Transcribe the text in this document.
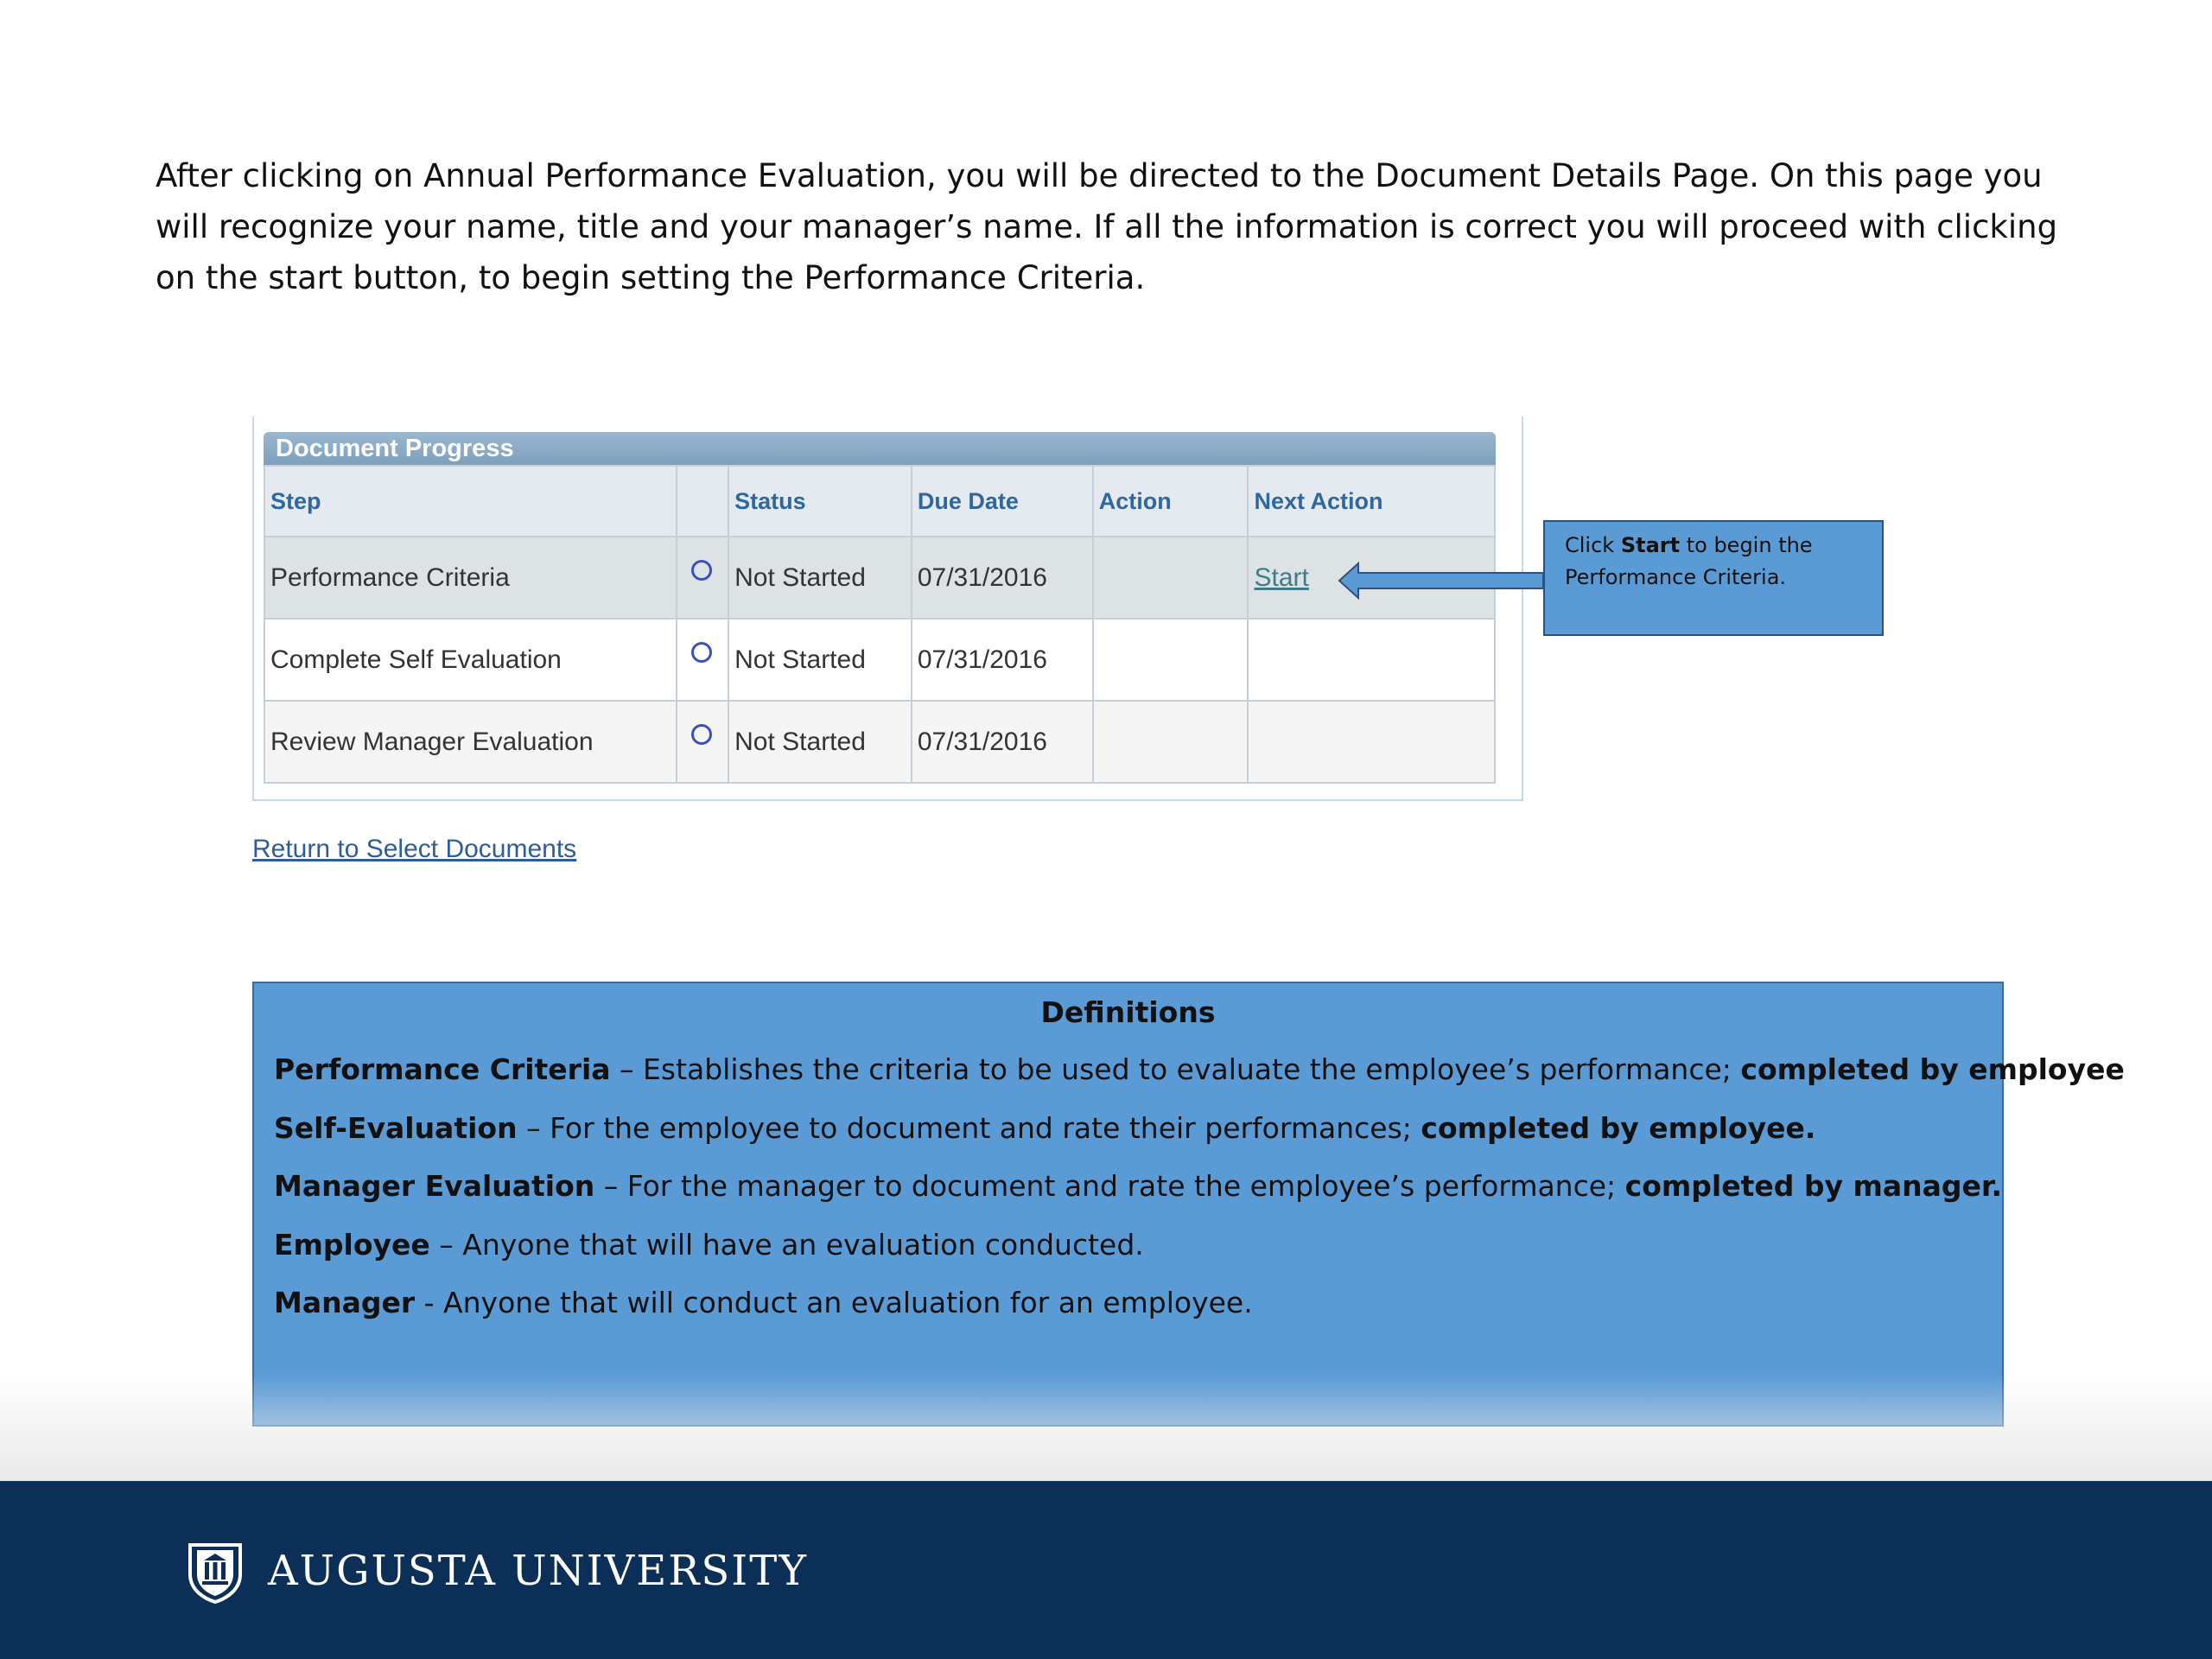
After clicking on Annual Performance Evaluation, you will be directed to the Document Details Page. On this page you will recognize your name, title and your manager’s name. If all the information is correct you will proceed with clicking on the start button, to begin setting the Performance Criteria.

Document Progress
Step		Status	Due Date	Action	Next Action
Performance Criteria		Not Started	07/31/2016		Start
Complete Self Evaluation		Not Started	07/31/2016		
Review Manager Evaluation		Not Started	07/31/2016		
Click Start to begin the Performance Criteria.
Return to Select Documents
Definitions
Performance Criteria – Establishes the criteria to be used to evaluate the employee’s performance; completed by employee
Self-Evaluation – For the employee to document and rate their performances; completed by employee.
Manager Evaluation – For the manager to document and rate the employee’s performance; completed by manager.
Employee – Anyone that will have an evaluation conducted.
Manager - Anyone that will conduct an evaluation for an employee.
AUGUSTA UNIVERSITY
